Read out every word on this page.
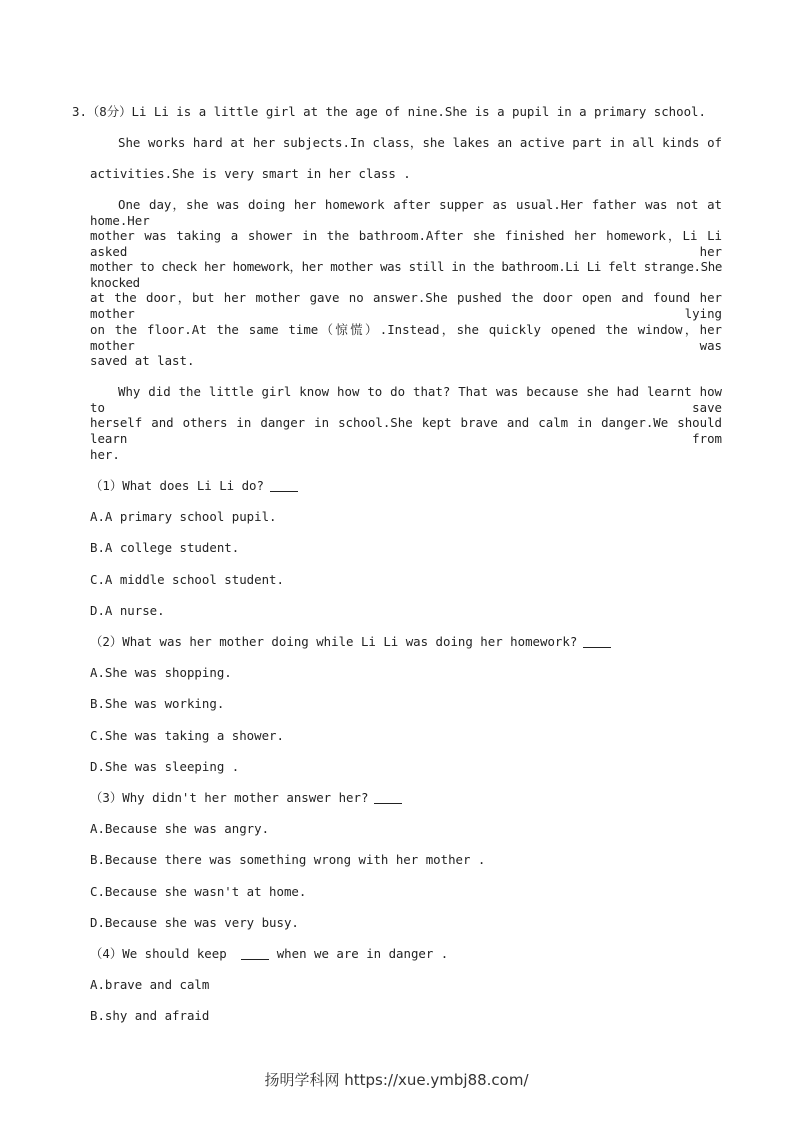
3.（8分）Li Li is a little girl at the age of nine.She is a pupil in a primary school.
She works hard at her subjects.In class，she lakes an active part in all kinds of
activities.She is very smart in her class .
One day，she was doing her homework after supper as usual.Her father was not at home.Her
mother was taking a shower in the bathroom.After she finished her homework，Li Li asked her
mother to check her homework，her mother was still in the bathroom.Li Li felt strange.She knocked
at the door，but her mother gave no answer.She pushed the door open and found her mother lying
on the floor.At the same time（惊慌）.Instead，she quickly opened the window，her mother was
saved at last.
Why did the little girl know how to do that? That was because she had learnt how to save
herself and others in danger in school.She kept brave and calm in danger.We should learn from
her.
（1）What does Li Li do?
A.A primary school pupil.
B.A college student.
C.A middle school student.
D.A nurse.
（2）What was her mother doing while Li Li was doing her homework?
A.She was shopping.
B.She was working.
C.She was taking a shower.
D.She was sleeping .
（3）Why didn't her mother answer her?
A.Because she was angry.
B.Because there was something wrong with her mother .
C.Because she wasn't at home.
D.Because she was very busy.
（4）We should keep	when we are in danger .
A.brave and calm
B.shy and afraid
扬明学科网 https://xue.ymbj88.com/
